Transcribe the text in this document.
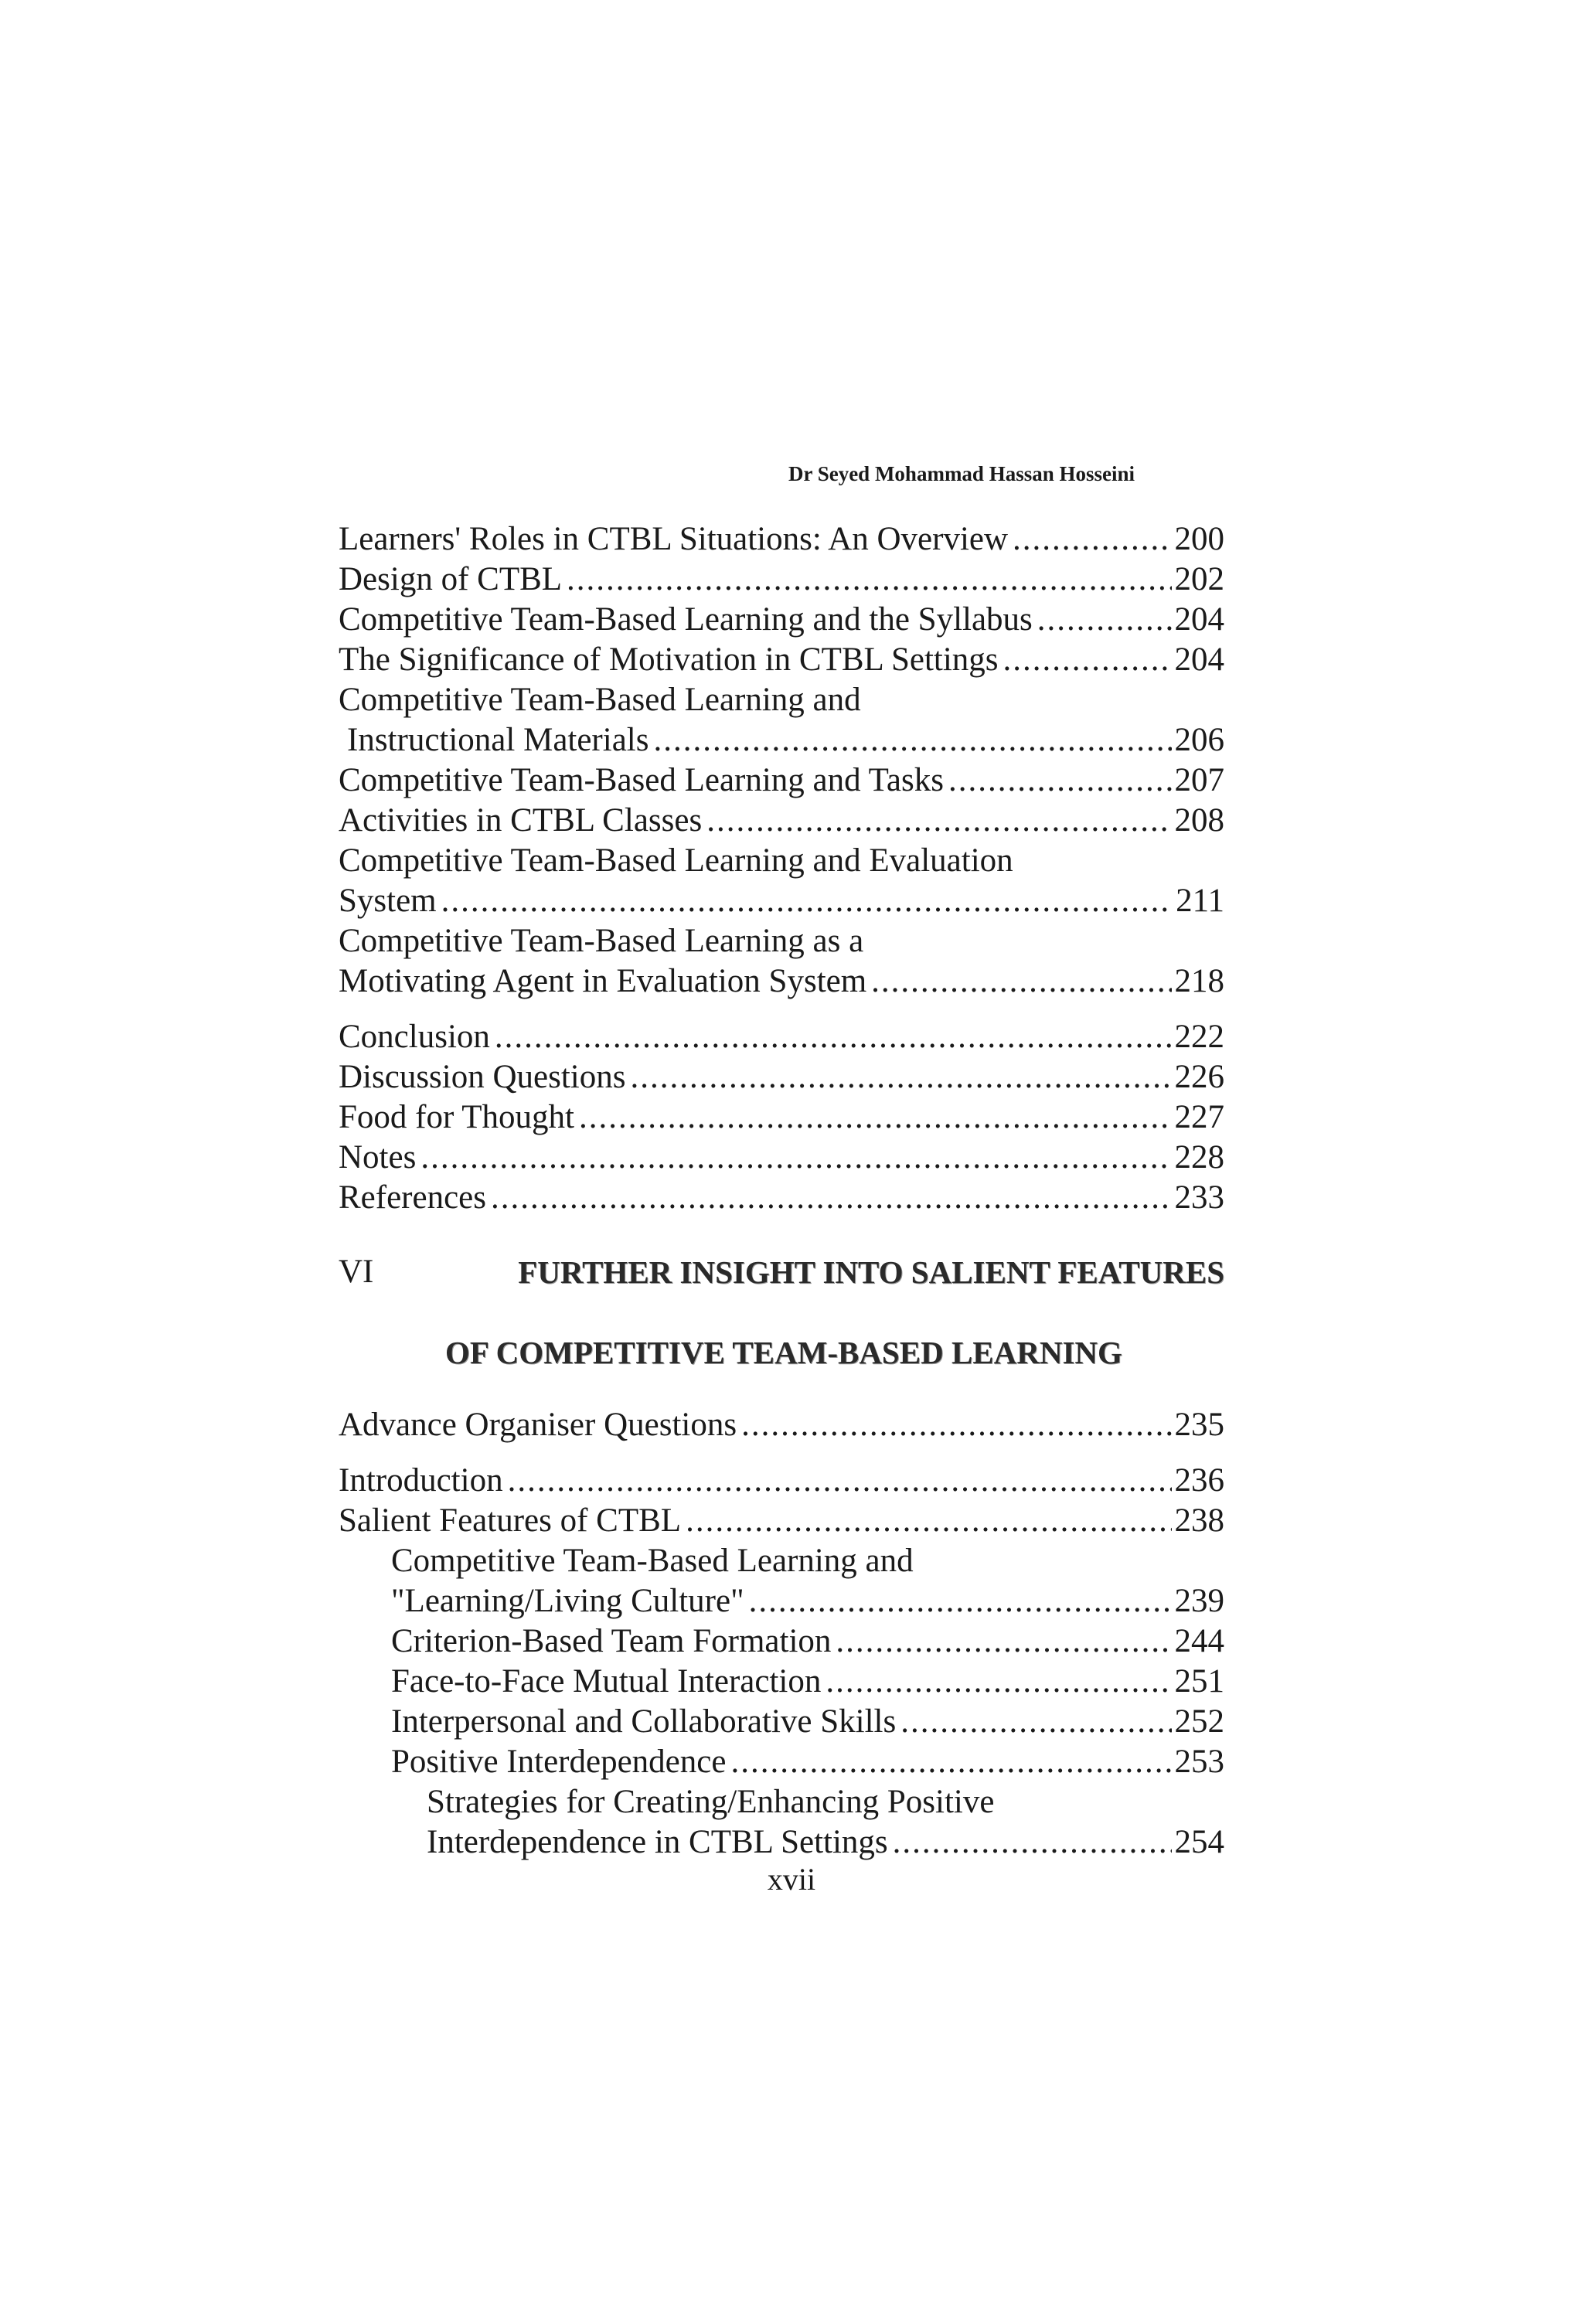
Dr Seyed Mohammad Hassan Hosseini
Learners' Roles in CTBL Situations: An Overview .....	200
Design of CTBL .....	202
Competitive Team-Based Learning and the Syllabus .....	204
The Significance of Motivation in CTBL Settings .....	204
Competitive Team-Based Learning and
Instructional Materials .....	206
Competitive Team-Based Learning and Tasks .....	207
Activities in CTBL Classes .....	208
Competitive Team-Based Learning and Evaluation
System .....	211
Competitive Team-Based Learning as a
Motivating Agent in Evaluation System .....	218
Conclusion .....	222
Discussion Questions .....	226
Food for Thought .....	227
Notes .....	228
References .....	233
VI	FURTHER INSIGHT INTO SALIENT FEATURES
OF COMPETITIVE TEAM-BASED LEARNING
Advance Organiser Questions .....	235
Introduction .....	236
Salient Features of CTBL .....	238
Competitive Team-Based Learning and
"Learning/Living Culture" .....	239
Criterion-Based Team Formation .....	244
Face-to-Face Mutual Interaction .....	251
Interpersonal and Collaborative Skills .....	252
Positive Interdependence .....	253
Strategies for Creating/Enhancing Positive
Interdependence in CTBL Settings .....	254
xvii
